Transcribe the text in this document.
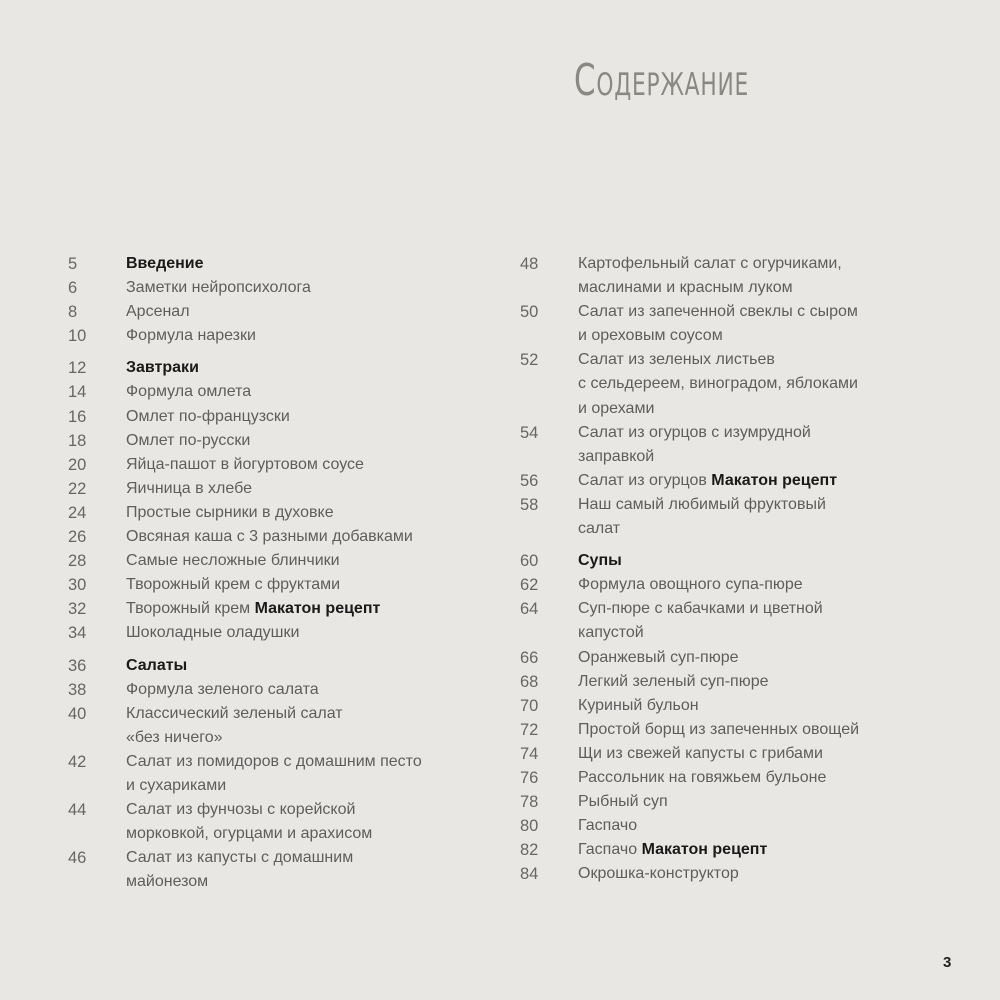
Содержание
5	Введение
6	Заметки нейропсихолога
8	Арсенал
10	Формула нарезки
12	Завтраки
14	Формула омлета
16	Омлет по-французски
18	Омлет по-русски
20	Яйца-пашот в йогуртовом соусе
22	Яичница в хлебе
24	Простые сырники в духовке
26	Овсяная каша с 3 разными добавками
28	Самые несложные блинчики
30	Творожный крем с фруктами
32	Творожный крем Макатон рецепт
34	Шоколадные оладушки
36	Салаты
38	Формула зеленого салата
40	Классический зеленый салат
«без ничего»
42	Салат из помидоров с домашним песто
и сухариками
44	Салат из фунчозы с корейской
морковкой, огурцами и арахисом
46	Салат из капусты с домашним
майонезом
48	Картофельный салат с огурчиками,
маслинами и красным луком
50	Салат из запеченной свеклы с сыром
и ореховым соусом
52	Салат из зеленых листьев
с сельдереем, виноградом, яблоками
и орехами
54	Салат из огурцов с изумрудной
заправкой
56	Салат из огурцов Макатон рецепт
58	Наш самый любимый фруктовый
салат
60	Супы
62	Формула овощного супа-пюре
64	Суп-пюре с кабачками и цветной
капустой
66	Оранжевый суп-пюре
68	Легкий зеленый суп-пюре
70	Куриный бульон
72	Простой борщ из запеченных овощей
74	Щи из свежей капусты с грибами
76	Рассольник на говяжьем бульоне
78	Рыбный суп
80	Гаспачо
82	Гаспачо Макатон рецепт
84	Окрошка-конструктор
3
